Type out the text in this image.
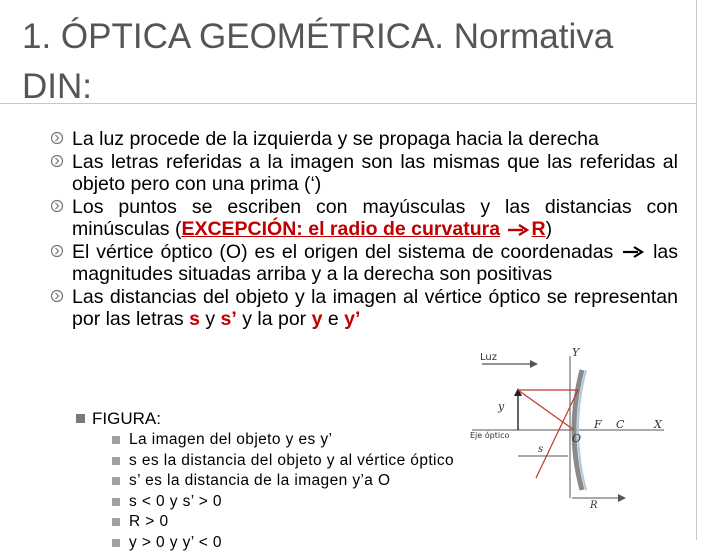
1. ÓPTICA GEOMÉTRICA. Normativa DIN:
La luz procede de la izquierda y se propaga hacia la derecha
Las letras referidas a la imagen son las mismas que las referidas al objeto pero con una prima (‘)
Los puntos se escriben con mayúsculas y las distancias con minúsculas (EXCEPCIÓN: el radio de curvatura R)
El vértice óptico (O) es el origen del sistema de coordenadas las magnitudes situadas arriba y a la derecha son positivas
Las distancias del objeto y la imagen al vértice óptico se representan por las letras s y s’ y la por y e y’
FIGURA:
La imagen del objeto y es y’
s es la distancia del objeto y al vértice óptico
s’ es la distancia de la imagen y’a O
s < 0 y s’ > 0
R > 0
y > 0 y y’ < 0
Luz
X
Eje óptico
Y
y
O
C
F
s
R
